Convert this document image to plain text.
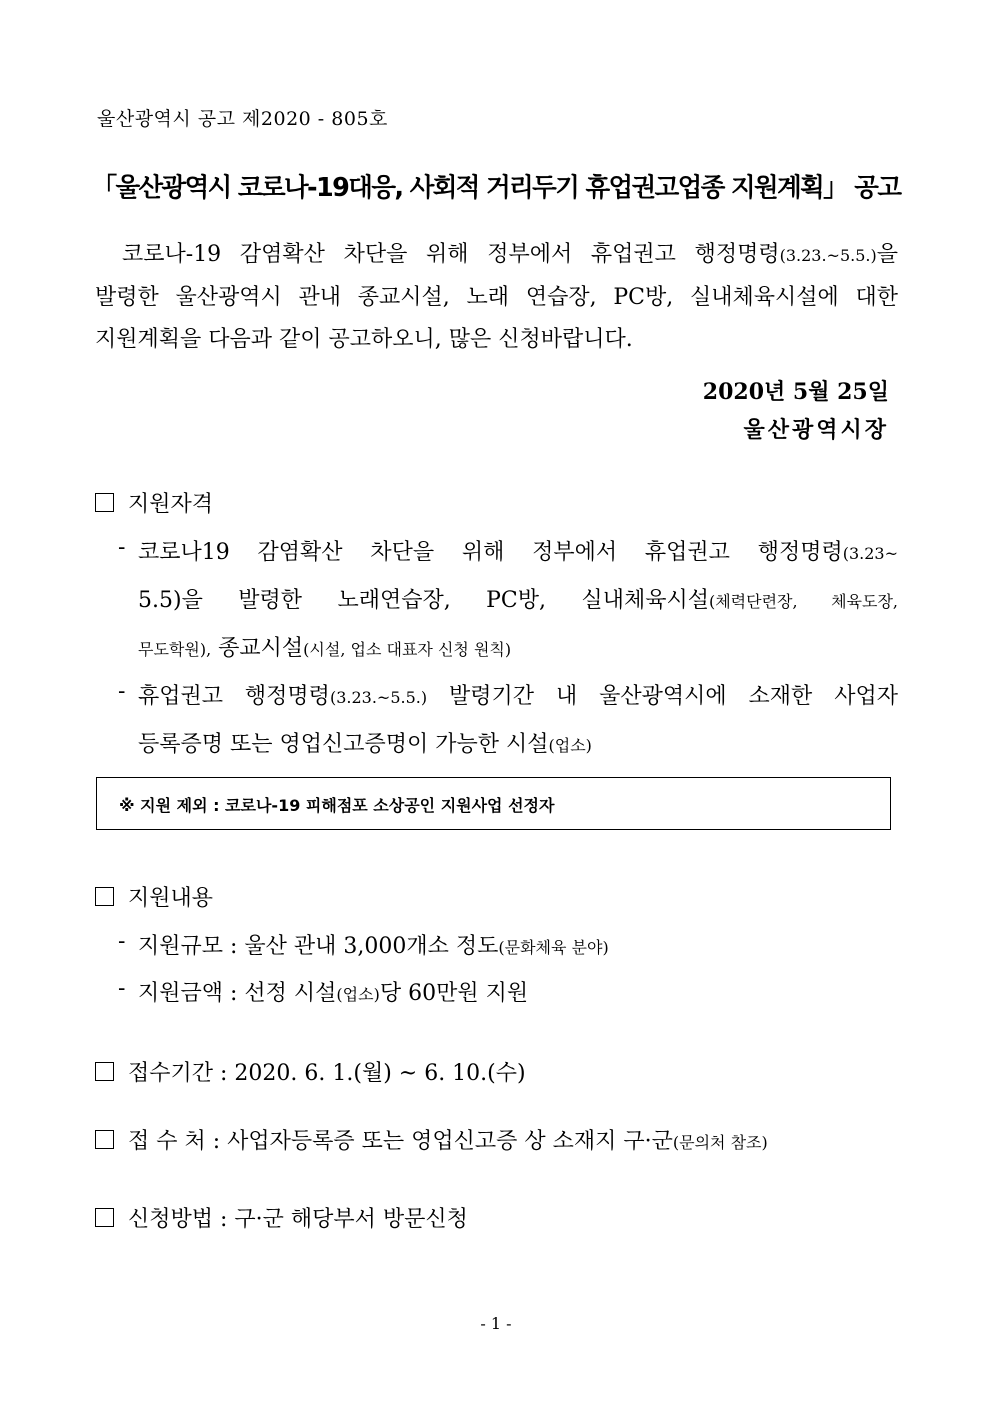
울산광역시 공고 제2020 - 805호
「울산광역시 코로나-19대응, 사회적 거리두기 휴업권고업종 지원계획」 공고
코로나-19 감염확산 차단을 위해 정부에서 휴업권고 행정명령(3.23.~5.5.)을
발령한 울산광역시 관내 종교시설, 노래 연습장, PC방, 실내체육시설에 대한
지원계획을 다음과 같이 공고하오니, 많은 신청바랍니다.
2020년 5월 25일
울산광역시장
지원자격
- 코로나19 감염확산 차단을 위해 정부에서 휴업권고 행정명령(3.23~
5.5)을 발령한 노래연습장, PC방, 실내체육시설(체력단련장, 체육도장,
무도학원), 종교시설(시설, 업소 대표자 신청 원칙)
- 휴업권고 행정명령(3.23.~5.5.) 발령기간 내 울산광역시에 소재한 사업자
등록증명 또는 영업신고증명이 가능한 시설(업소)
※ 지원 제외 : 코로나-19 피해점포 소상공인 지원사업 선정자
지원내용
- 지원규모 : 울산 관내 3,000개소 정도(문화체육 분야)
- 지원금액 : 선정 시설(업소)당 60만원 지원
접수기간 : 2020. 6. 1.(월) ~ 6. 10.(수)
접 수 처 : 사업자등록증 또는 영업신고증 상 소재지 구·군(문의처 참조)
신청방법 : 구·군 해당부서 방문신청
- 1 -
